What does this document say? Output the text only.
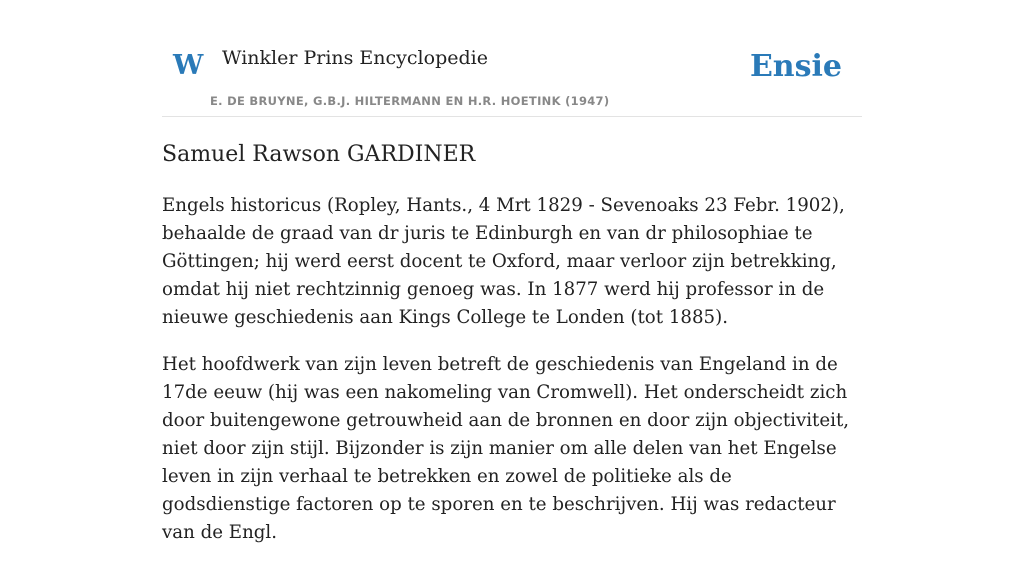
W Winkler Prins Encyclopedie
E. DE BRUYNE, G.B.J. HILTERMANN EN H.R. HOETINK (1947)
Ensie
Samuel Rawson GARDINER

Engels historicus (Ropley, Hants., 4 Mrt 1829 - Sevenoaks 23 Febr. 1902), behaalde de graad van dr juris te Edinburgh en van dr philosophiae te Göttingen; hij werd eerst docent te Oxford, maar verloor zijn betrekking, omdat hij niet rechtzinnig genoeg was. In 1877 werd hij professor in de nieuwe geschiedenis aan Kings College te Londen (tot 1885).

Het hoofdwerk van zijn leven betreft de geschiedenis van Engeland in de 17de eeuw (hij was een nakomeling van Cromwell). Het onderscheidt zich door buitengewone getrouwheid aan de bronnen en door zijn objectiviteit, niet door zijn stijl. Bijzonder is zijn manier om alle delen van het Engelse leven in zijn verhaal te betrekken en zowel de politieke als de godsdienstige factoren op te sporen en te beschrijven. Hij was redacteur van de Engl.
